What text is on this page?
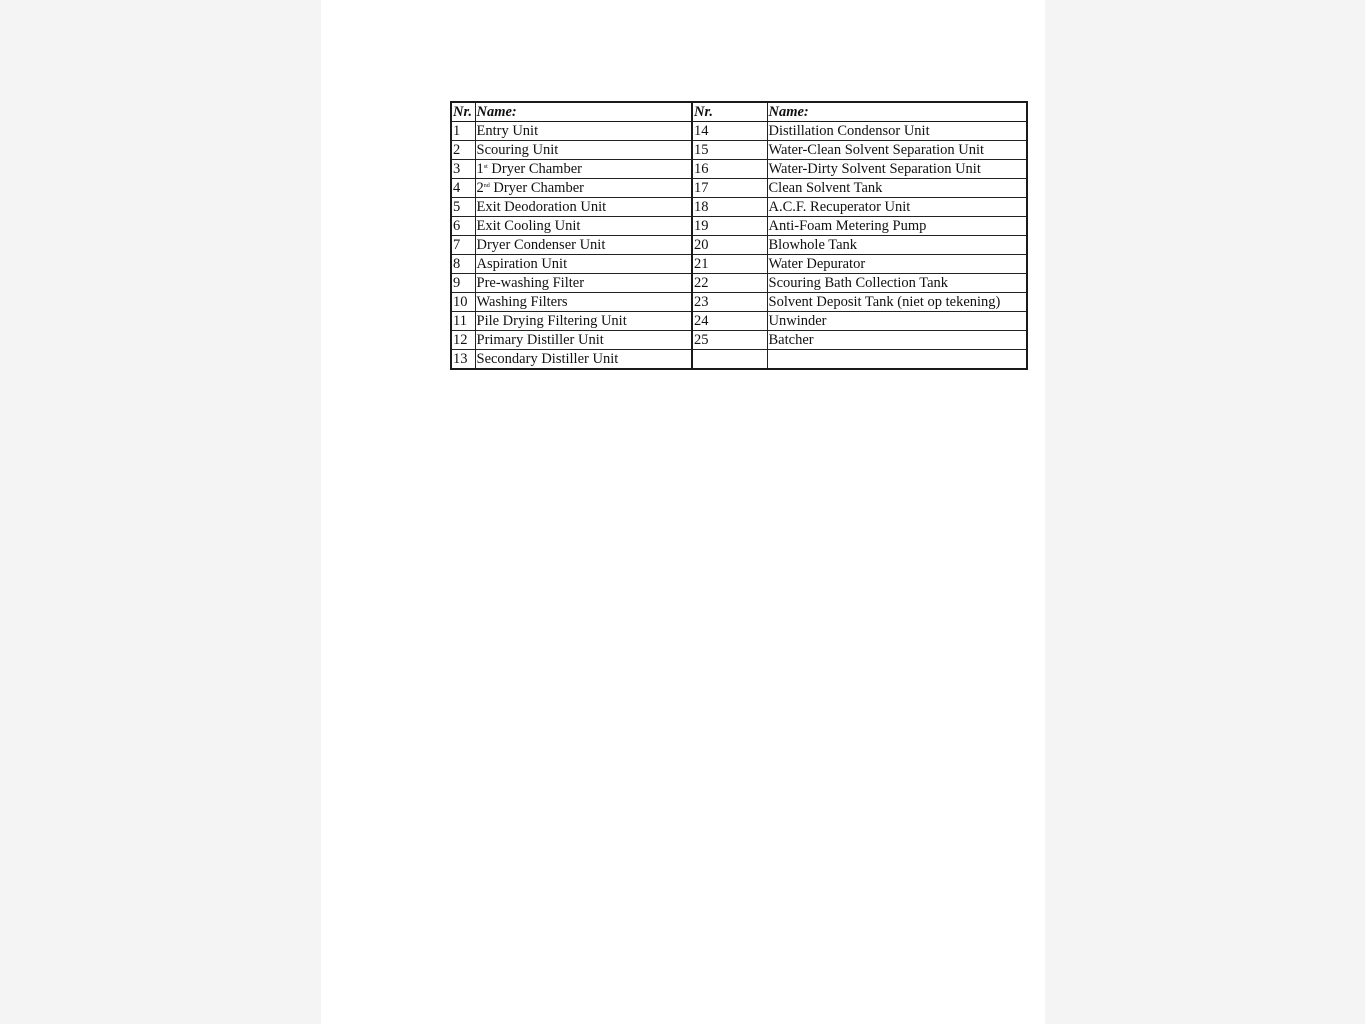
Nr.	Name:	Nr.	Name:
1	Entry Unit	14	Distillation Condensor Unit
2	Scouring Unit	15	Water-Clean Solvent Separation Unit
3	1st Dryer Chamber	16	Water-Dirty Solvent Separation Unit
4	2nd Dryer Chamber	17	Clean Solvent Tank
5	Exit Deodoration Unit	18	A.C.F. Recuperator Unit
6	Exit Cooling Unit	19	Anti-Foam Metering Pump
7	Dryer Condenser Unit	20	Blowhole Tank
8	Aspiration Unit	21	Water Depurator
9	Pre-washing Filter	22	Scouring Bath Collection Tank
10	Washing Filters	23	Solvent Deposit Tank (niet op tekening)
11	Pile Drying Filtering Unit	24	Unwinder
12	Primary Distiller Unit	25	Batcher
13	Secondary Distiller Unit		
